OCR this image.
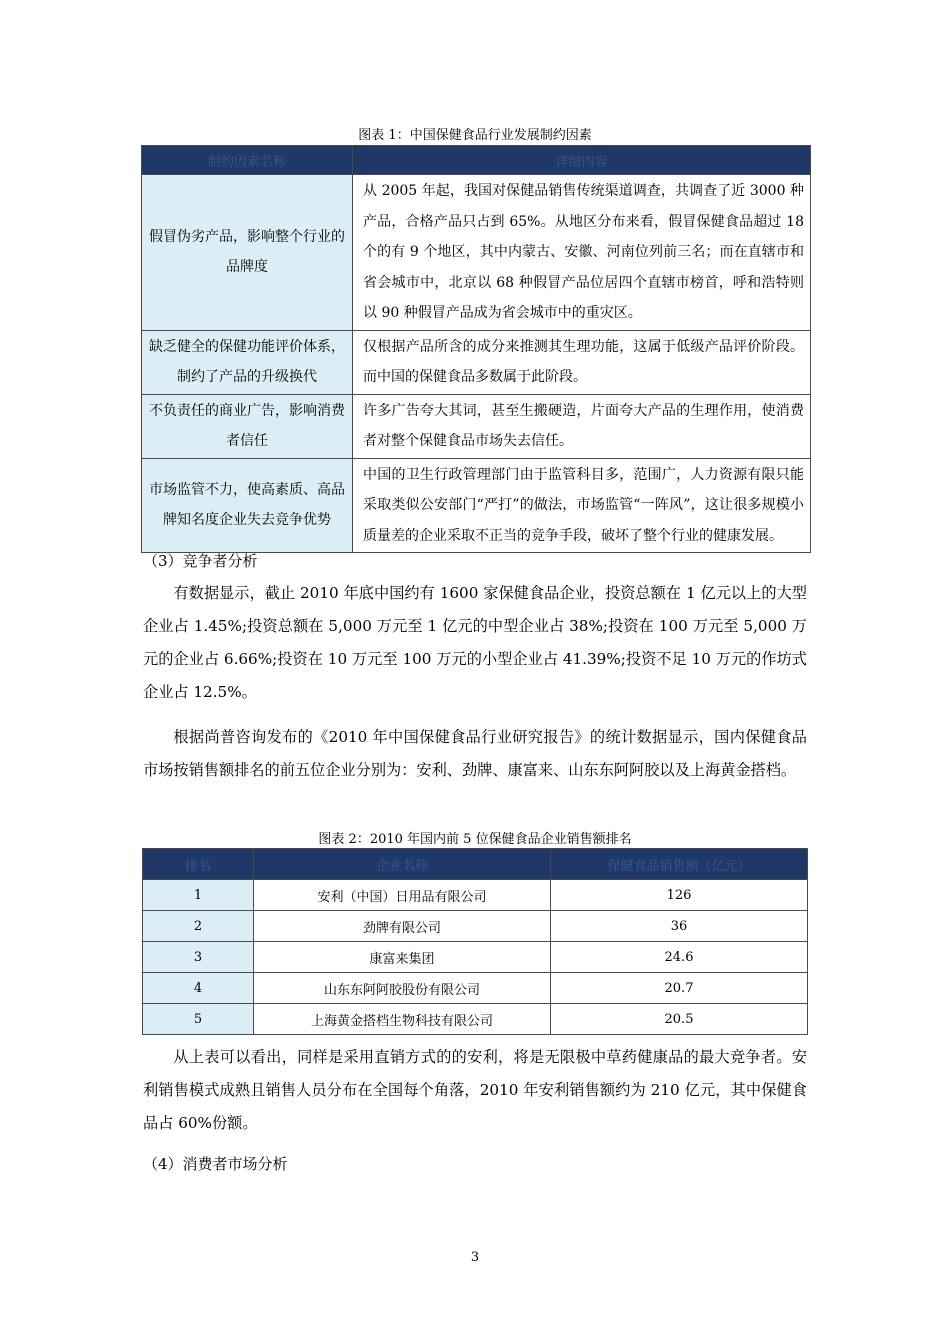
图表 1：中国保健食品行业发展制约因素
制约因素名称	详细内容
假冒伪劣产品，影响整个行业的品牌度	从 2005 年起，我国对保健品销售传统渠道调查，共调查了近 3000 种产品，合格产品只占到 65%。从地区分布来看，假冒保健食品超过 18 个的有 9 个地区，其中内蒙古、安徽、河南位列前三名；而在直辖市和省会城市中，北京以 68 种假冒产品位居四个直辖市榜首，呼和浩特则以 90 种假冒产品成为省会城市中的重灾区。
缺乏健全的保健功能评价体系，制约了产品的升级换代	仅根据产品所含的成分来推测其生理功能，这属于低级产品评价阶段。而中国的保健食品多数属于此阶段。
不负责任的商业广告，影响消费者信任	许多广告夸大其词，甚至生搬硬造，片面夸大产品的生理作用，使消费者对整个保健食品市场失去信任。
市场监管不力，使高素质、高品牌知名度企业失去竞争优势	中国的卫生行政管理部门由于监管科目多，范围广，人力资源有限只能采取类似公安部门“严打”的做法，市场监管“一阵风”，这让很多规模小质量差的企业采取不正当的竞争手段，破坏了整个行业的健康发展。
（3）竞争者分析

有数据显示，截止 2010 年底中国约有 1600 家保健食品企业，投资总额在 1 亿元以上的大型企业占 1.45%;投资总额在 5,000 万元至 1 亿元的中型企业占 38%;投资在 100 万元至 5,000 万元的企业占 6.66%;投资在 10 万元至 100 万元的小型企业占 41.39%;投资不足 10 万元的作坊式企业占 12.5%。

根据尚普咨询发布的《2010 年中国保健食品行业研究报告》的统计数据显示，国内保健食品市场按销售额排名的前五位企业分别为：安利、劲牌、康富来、山东东阿阿胶以及上海黄金搭档。

图表 2：2010 年国内前 5 位保健食品企业销售额排名
排名	企业名称	保健食品销售额（亿元）
1	安利（中国）日用品有限公司	126
2	劲牌有限公司	36
3	康富来集团	24.6
4	山东东阿阿胶股份有限公司	20.7
5	上海黄金搭档生物科技有限公司	20.5

从上表可以看出，同样是采用直销方式的的安利，将是无限极中草药健康品的最大竞争者。安利销售模式成熟且销售人员分布在全国每个角落，2010 年安利销售额约为 210 亿元，其中保健食品占 60%份额。

（4）消费者市场分析
3
